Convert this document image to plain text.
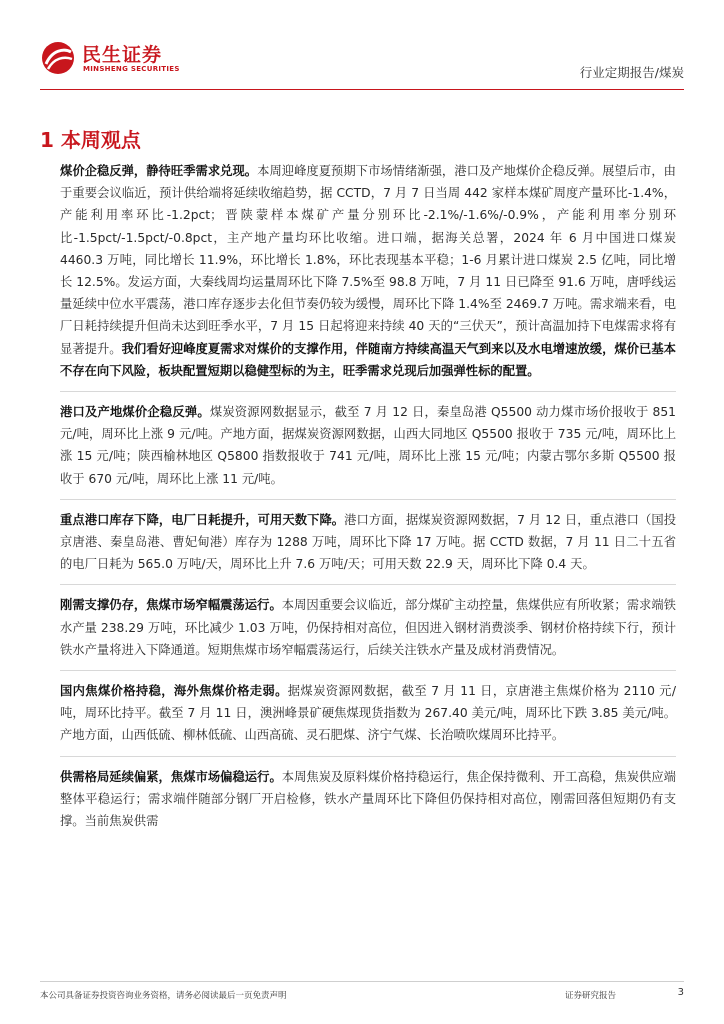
民生证券
MINSHENG SECURITIES	行业定期报告/煤炭
1 本周观点

煤价企稳反弹，静待旺季需求兑现。本周迎峰度夏预期下市场情绪渐强，港口及产地煤价企稳反弹。展望后市，由于重要会议临近，预计供给端将延续收缩趋势，据 CCTD，7 月 7 日当周 442 家样本煤矿周度产量环比-1.4%，产能利用率环比-1.2pct；晋陕蒙样本煤矿产量分别环比-2.1%/-1.6%/-0.9%，产能利用率分别环比-1.5pct/-1.5pct/-0.8pct，主产地产量均环比收缩。进口端，据海关总署，2024 年 6 月中国进口煤炭 4460.3 万吨，同比增长 11.9%，环比增长 1.8%，环比表现基本平稳；1-6 月累计进口煤炭 2.5 亿吨，同比增长 12.5%。发运方面，大秦线周均运量周环比下降 7.5%至 98.8 万吨，7 月 11 日已降至 91.6 万吨，唐呼线运量延续中位水平震荡，港口库存逐步去化但节奏仍较为缓慢，周环比下降 1.4%至 2469.7 万吨。需求端来看，电厂日耗持续提升但尚未达到旺季水平，7 月 15 日起将迎来持续 40 天的“三伏天”，预计高温加持下电煤需求将有显著提升。我们看好迎峰度夏需求对煤价的支撑作用，伴随南方持续高温天气到来以及水电增速放缓，煤价已基本不存在向下风险，板块配置短期以稳健型标的为主，旺季需求兑现后加强弹性标的配置。

港口及产地煤价企稳反弹。煤炭资源网数据显示，截至 7 月 12 日，秦皇岛港 Q5500 动力煤市场价报收于 851 元/吨，周环比上涨 9 元/吨。产地方面，据煤炭资源网数据，山西大同地区 Q5500 报收于 735 元/吨，周环比上涨 15 元/吨；陕西榆林地区 Q5800 指数报收于 741 元/吨，周环比上涨 15 元/吨；内蒙古鄂尔多斯 Q5500 报收于 670 元/吨，周环比上涨 11 元/吨。

重点港口库存下降，电厂日耗提升，可用天数下降。港口方面，据煤炭资源网数据，7 月 12 日，重点港口（国投京唐港、秦皇岛港、曹妃甸港）库存为 1288 万吨，周环比下降 17 万吨。据 CCTD 数据，7 月 11 日二十五省的电厂日耗为 565.0 万吨/天，周环比上升 7.6 万吨/天；可用天数 22.9 天，周环比下降 0.4 天。

刚需支撑仍存，焦煤市场窄幅震荡运行。本周因重要会议临近，部分煤矿主动控量，焦煤供应有所收紧；需求端铁水产量 238.29 万吨，环比减少 1.03 万吨，仍保持相对高位，但因进入钢材消费淡季、钢材价格持续下行，预计铁水产量将进入下降通道。短期焦煤市场窄幅震荡运行，后续关注铁水产量及成材消费情况。

国内焦煤价格持稳，海外焦煤价格走弱。据煤炭资源网数据，截至 7 月 11 日，京唐港主焦煤价格为 2110 元/吨，周环比持平。截至 7 月 11 日，澳洲峰景矿硬焦煤现货指数为 267.40 美元/吨，周环比下跌 3.85 美元/吨。产地方面，山西低硫、柳林低硫、山西高硫、灵石肥煤、济宁气煤、长治喷吹煤周环比持平。

供需格局延续偏紧，焦煤市场偏稳运行。本周焦炭及原料煤价格持稳运行，焦企保持微利、开工高稳，焦炭供应端整体平稳运行；需求端伴随部分钢厂开启检修，铁水产量周环比下降但仍保持相对高位，刚需回落但短期仍有支撑。当前焦炭供需

本公司具备证券投资咨询业务资格，请务必阅读最后一页免责声明	证券研究报告	3
